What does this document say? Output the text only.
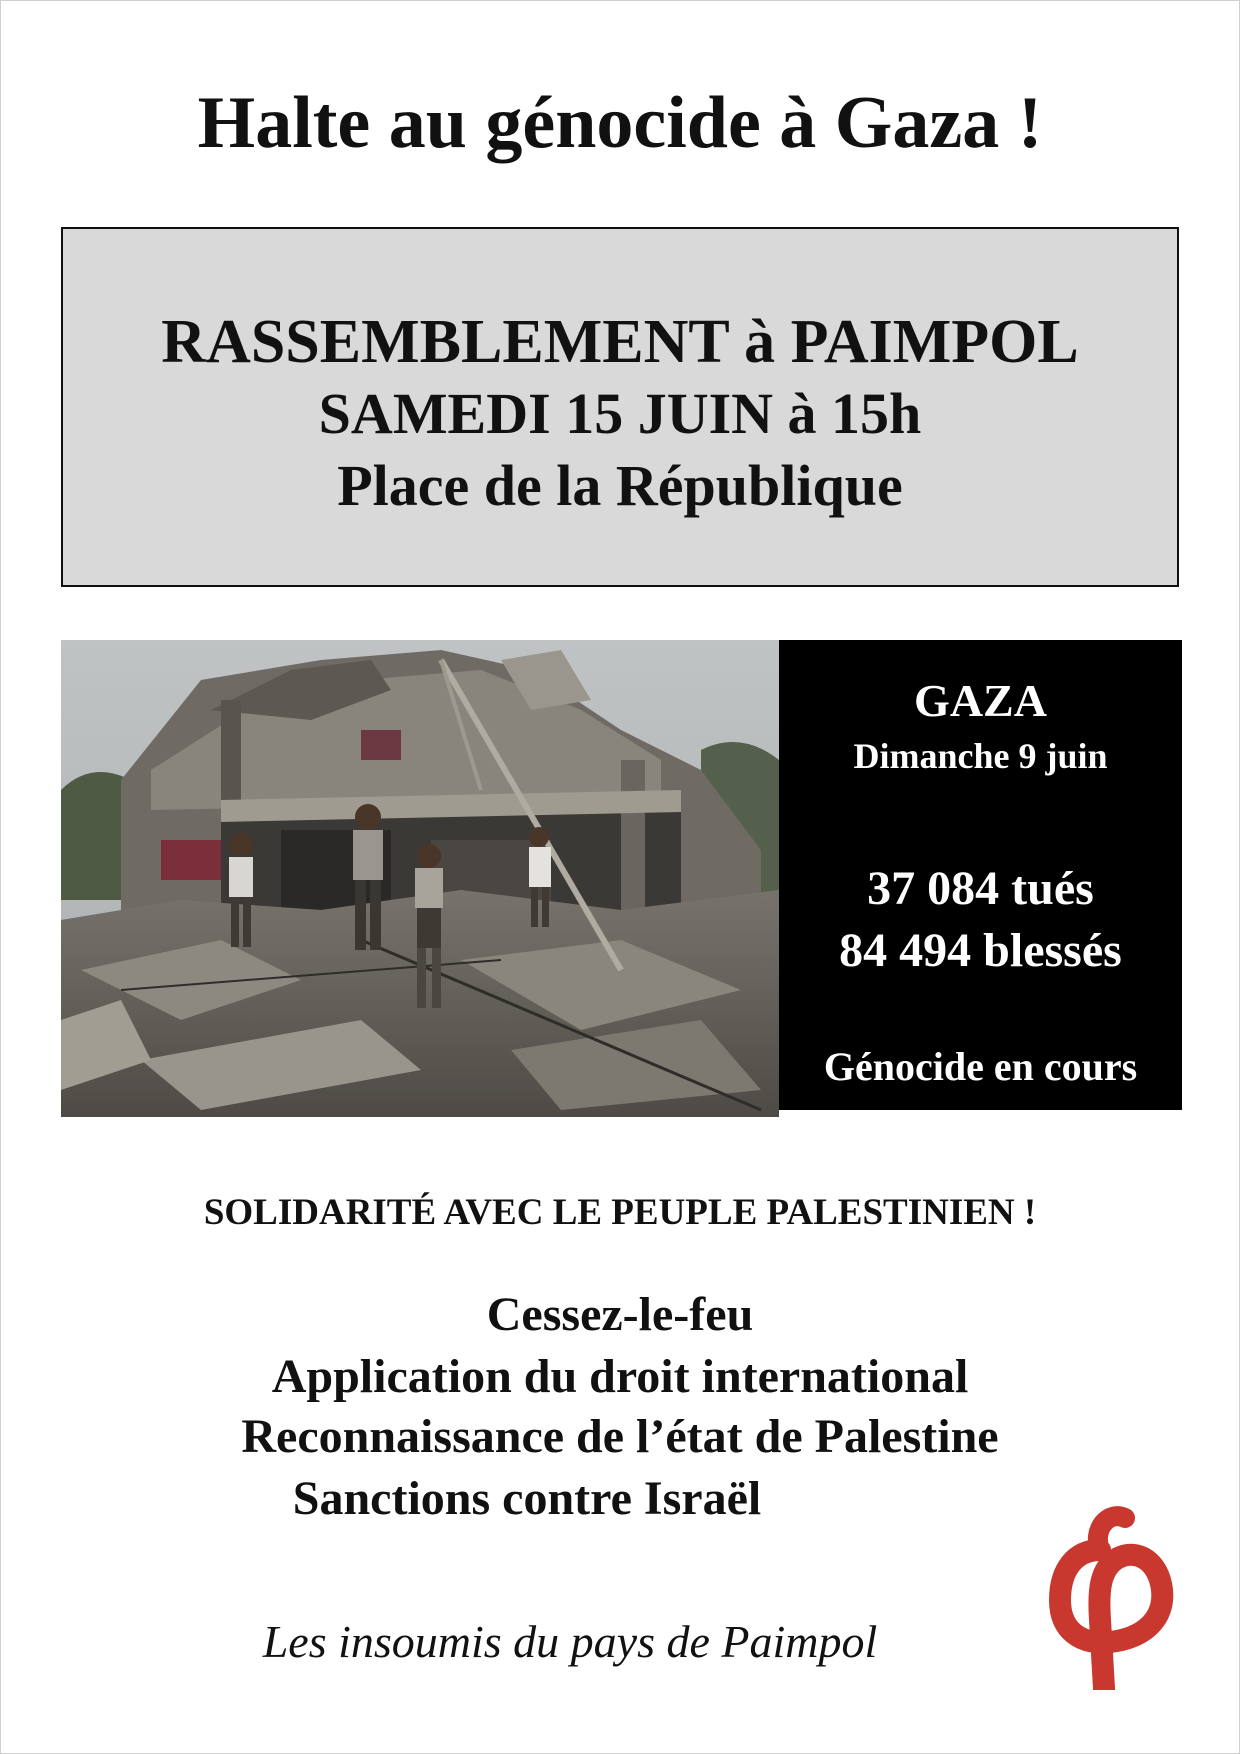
Halte au génocide à Gaza !
RASSEMBLEMENT à PAIMPOL
SAMEDI 15 JUIN à 15h
Place de la République
GAZA
Dimanche 9 juin
37 084 tués
84 494 blessés
Génocide en cours
SOLIDARITÉ AVEC LE PEUPLE PALESTINIEN !
Cessez-le-feu
Application du droit international
Reconnaissance de l’état de Palestine
Sanctions contre Israël
Les insoumis du pays de Paimpol
